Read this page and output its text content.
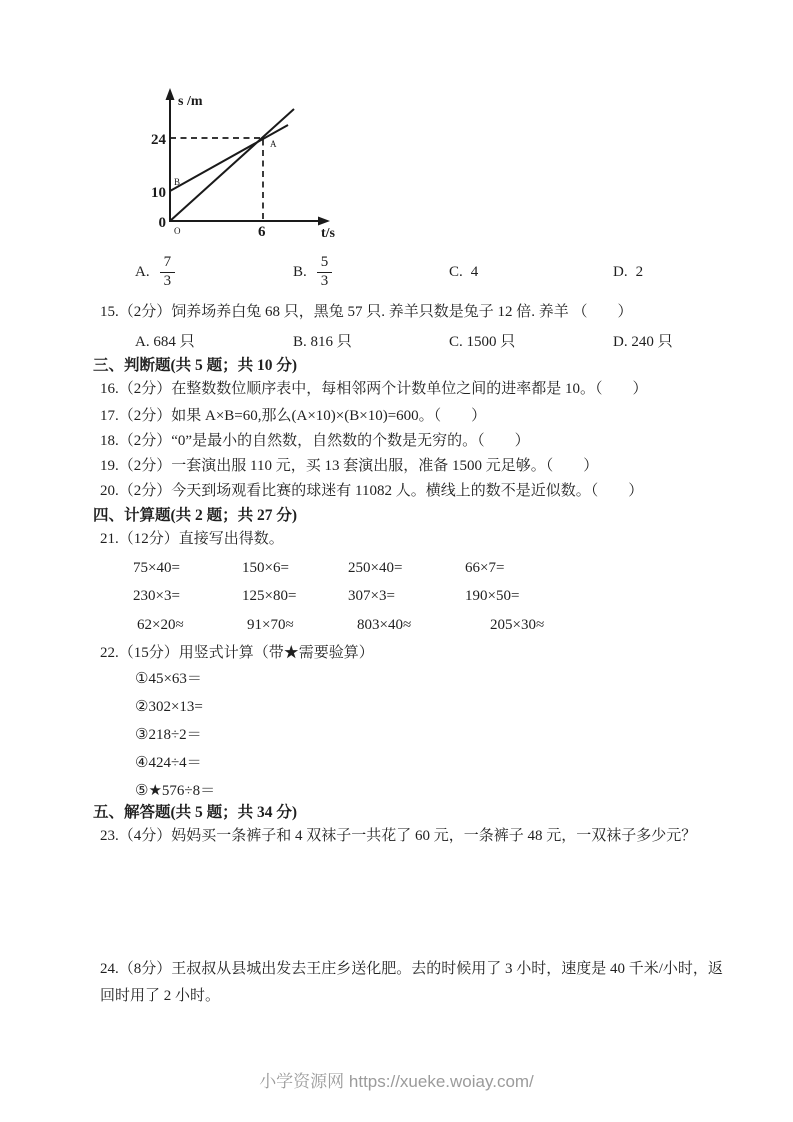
s /m
24
10
0 O	6	t/s
A
B
A. $\frac{7}{3}$	B. $\frac{5}{3}$	C. 4	D. 2
15.（2分）饲养场养白兔 68 只，黑兔 57 只. 养羊只数是兔子 12 倍. 养羊 （　　）
A. 684 只	B. 816 只	C. 1500 只	D. 240 只
三、判断题(共 5 题；共 10 分)
16.（2分）在整数数位顺序表中，每相邻两个计数单位之间的进率都是 10。（　　）
17.（2分）如果 A×B=60,那么(A×10)×(B×10)=600。（　　）
18.（2分）“0”是最小的自然数，自然数的个数是无穷的。（　　）
19.（2分）一套演出服 110 元，买 13 套演出服，准备 1500 元足够。（　　）
20.（2分）今天到场观看比赛的球迷有 11082 人。横线上的数不是近似数。（　　）
四、计算题(共 2 题；共 27 分)
21.（12分）直接写出得数。
75×40=	150×6=	250×40=	66×7=
230×3=	125×80=	307×3=	190×50=
62×20≈	91×70≈	803×40≈	205×30≈
22.（15分）用竖式计算（带★需要验算）
①45×63＝
②302×13=
③218÷2＝
④424÷4＝
⑤★576÷8＝
五、解答题(共 5 题；共 34 分)
23.（4分）妈妈买一条裤子和 4 双袜子一共花了 60 元，一条裤子 48 元，一双袜子多少元？
24.（8分）王叔叔从县城出发去王庄乡送化肥。去的时候用了 3 小时，速度是 40 千米/小时，返回时用了 2 小时。
小学资源网 https://xueke.woiay.com/
